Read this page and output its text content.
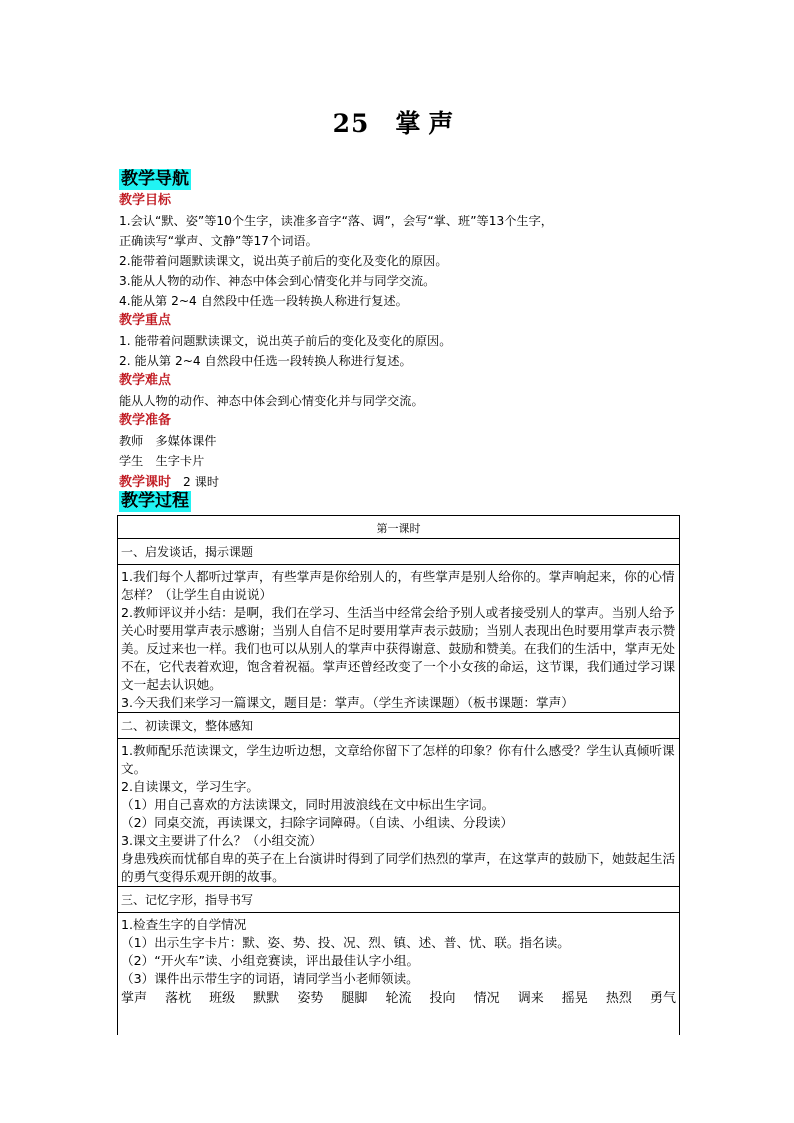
25 掌声
教学导航
教学目标

1.会认“默、姿”等10个生字，读准多音字“落、调”，会写“掌、班”等13个生字，

正确读写“掌声、文静”等17个词语。

2.能带着问题默读课文，说出英子前后的变化及变化的原因。

3.能从人物的动作、神态中体会到心情变化并与同学交流。

4.能从第 2~4 自然段中任选一段转换人称进行复述。

教学重点

1. 能带着问题默读课文，说出英子前后的变化及变化的原因。

2. 能从第 2~4 自然段中任选一段转换人称进行复述。

教学难点

能从人物的动作、神态中体会到心情变化并与同学交流。

教学准备

教师　多媒体课件

学生　生字卡片

教学课时 2 课时
教学过程
第一课时
一、启发谈话，揭示课题

1.我们每个人都听过掌声，有些掌声是你给别人的，有些掌声是别人给你的。掌声响起来，你的心情怎样？（让学生自由说说）

2.教师评议并小结：是啊，我们在学习、生活当中经常会给予别人或者接受别人的掌声。当别人给予关心时要用掌声表示感谢；当别人自信不足时要用掌声表示鼓励；当别人表现出色时要用掌声表示赞美。反过来也一样。我们也可以从别人的掌声中获得谢意、鼓励和赞美。在我们的生活中，掌声无处不在，它代表着欢迎，饱含着祝福。掌声还曾经改变了一个小女孩的命运，这节课，我们通过学习课文一起去认识她。

3.今天我们来学习一篇课文，题目是：掌声。（学生齐读课题）（板书课题：掌声）

二、初读课文，整体感知

1.教师配乐范读课文，学生边听边想，文章给你留下了怎样的印象？你有什么感受？学生认真倾听课文。

2.自读课文，学习生字。

（1）用自己喜欢的方法读课文，同时用波浪线在文中标出生字词。

（2）同桌交流，再读课文，扫除字词障碍。（自读、小组读、分段读）

3.课文主要讲了什么？（小组交流）

身患残疾而忧郁自卑的英子在上台演讲时得到了同学们热烈的掌声，在这掌声的鼓励下，她鼓起生活的勇气变得乐观开朗的故事。

三、记忆字形，指导书写

1.检查生字的自学情况

（1）出示生字卡片：默、姿、势、投、况、烈、镇、述、普、忧、联。指名读。

（2）“开火车”读、小组竞赛读，评出最佳认字小组。

（3）课件出示带生字的词语，请同学当小老师领读。

掌声 落枕 班级 默默 姿势 腿脚 轮流 投向 情况 调来 摇晃 热烈 勇气
